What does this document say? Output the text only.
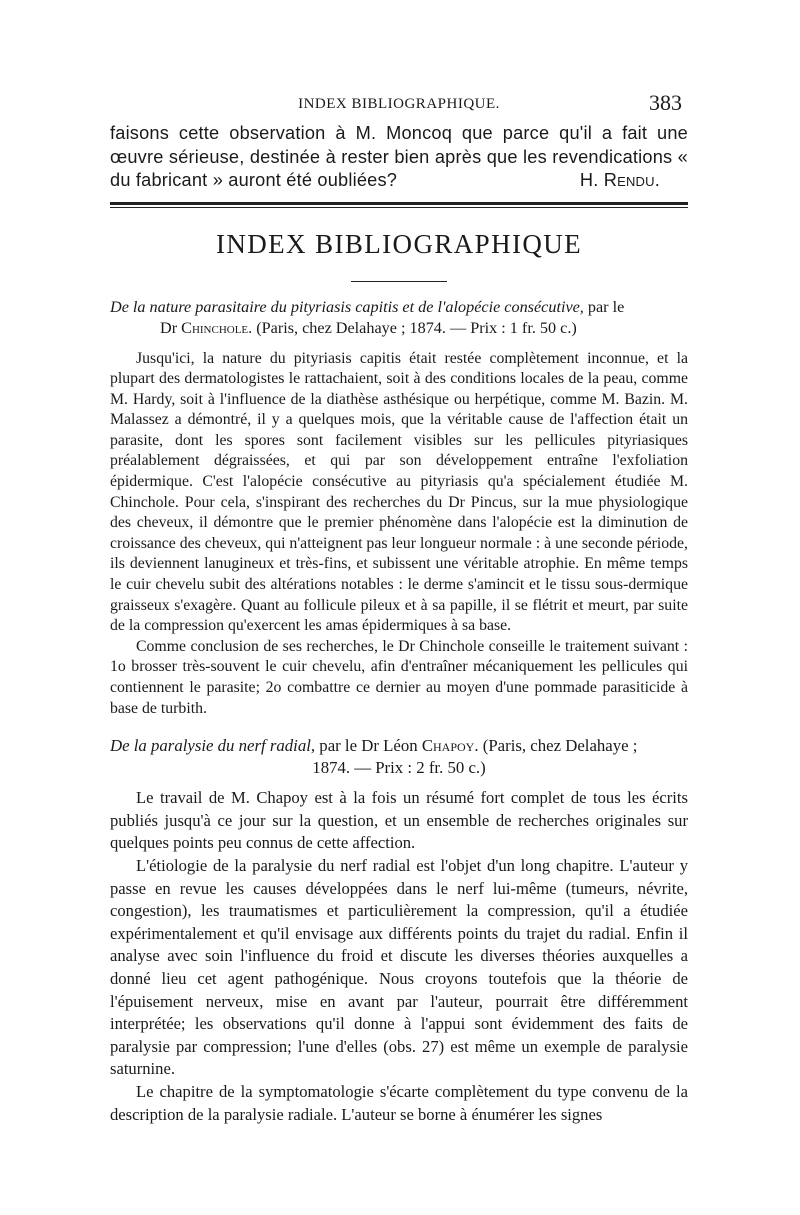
INDEX BIBLIOGRAPHIQUE.	383

faisons cette observation à M. Moncoq que parce qu'il a fait une œuvre sérieuse, destinée à rester bien après que les revendications « du fabricant » auront été oubliées?	H. Rendu.

INDEX BIBLIOGRAPHIQUE

De la nature parasitaire du pityriasis capitis et de l'alopécie consécutive, par le
Dr Chinchole. (Paris, chez Delahaye ; 1874. — Prix : 1 fr. 50 c.)

Jusqu'ici, la nature du pityriasis capitis était restée complètement inconnue, et la plupart des dermatologistes le rattachaient, soit à des conditions locales de la peau, comme M. Hardy, soit à l'influence de la diathèse asthésique ou herpétique, comme M. Bazin. M. Malassez a démontré, il y a quelques mois, que la véritable cause de l'affection était un parasite, dont les spores sont facilement visibles sur les pellicules pityriasiques préalablement dégraissées, et qui par son développement entraîne l'exfoliation épidermique. C'est l'alopécie consécutive au pityriasis qu'a spécialement étudiée M. Chinchole. Pour cela, s'inspirant des recherches du Dr Pincus, sur la mue physiologique des cheveux, il démontre que le premier phénomène dans l'alopécie est la diminution de croissance des cheveux, qui n'atteignent pas leur longueur normale : à une seconde période, ils deviennent lanugineux et très-fins, et subissent une véritable atrophie. En même temps le cuir chevelu subit des altérations notables : le derme s'amincit et le tissu sous-dermique graisseux s'exagère. Quant au follicule pileux et à sa papille, il se flétrit et meurt, par suite de la compression qu'exercent les amas épidermiques à sa base.

Comme conclusion de ses recherches, le Dr Chinchole conseille le traitement suivant : 1o brosser très-souvent le cuir chevelu, afin d'entraîner mécaniquement les pellicules qui contiennent le parasite; 2o combattre ce dernier au moyen d'une pommade parasiticide à base de turbith.

De la paralysie du nerf radial, par le Dr Léon Chapoy. (Paris, chez Delahaye ;
1874. — Prix : 2 fr. 50 c.)

Le travail de M. Chapoy est à la fois un résumé fort complet de tous les écrits publiés jusqu'à ce jour sur la question, et un ensemble de recherches originales sur quelques points peu connus de cette affection.

L'étiologie de la paralysie du nerf radial est l'objet d'un long chapitre. L'auteur y passe en revue les causes développées dans le nerf lui-même (tumeurs, névrite, congestion), les traumatismes et particulièrement la compression, qu'il a étudiée expérimentalement et qu'il envisage aux différents points du trajet du radial. Enfin il analyse avec soin l'influence du froid et discute les diverses théories auxquelles a donné lieu cet agent pathogénique. Nous croyons toutefois que la théorie de l'épuisement nerveux, mise en avant par l'auteur, pourrait être différemment interprétée; les observations qu'il donne à l'appui sont évidemment des faits de paralysie par compression; l'une d'elles (obs. 27) est même un exemple de paralysie saturnine.

Le chapitre de la symptomatologie s'écarte complètement du type convenu de la description de la paralysie radiale. L'auteur se borne à énumérer les signes
